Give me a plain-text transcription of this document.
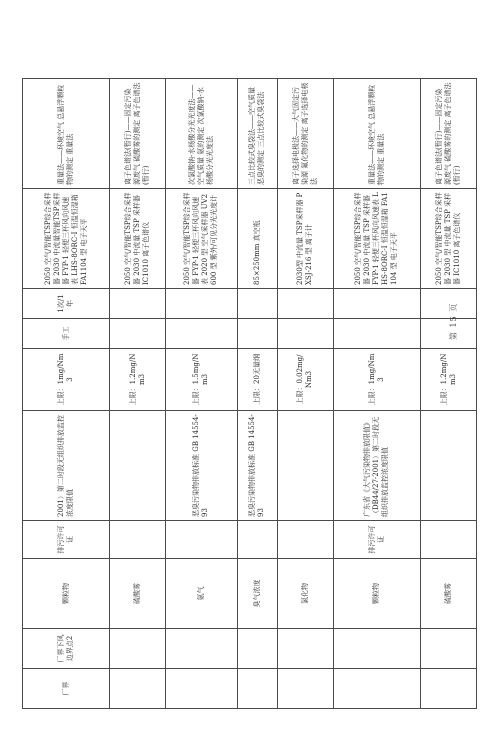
厂界	厂界下风边界点2	颗粒物	排污许可证	2001）第二时段无组织排放监控浓度限值	上限：1mg/Nm3	手工	1次/1年	2050 空气/智能TSP综合采样器 2030 中流量智能TSP采样器 FYP-1 轻便三杯风向风速表 LHS-8ORC-I 恒温恒湿箱 FA1104 型 电子天平	重量法——环境空气 总悬浮颗粒物的测定 重量法
		硫酸雾			上限：1.2mg/Nm3			2050 空气/智能TSP综合采样器 2030 中流量 TSP 采样器 IC1010 离子色谱仪	离子色谱法(暂行)——固定污染源废气 硫酸雾的测定 离子色谱法(暂行)
		氨气		恶臭污染物排放标准 GB 14554-93	上限：1.5mg/Nm3			2050 空气/智能TSP综合采样器 FYP-1 轻便三杯风向风速表 2020 型 空气采样器 UV2600 型 紫外/可见分光光度计	次氯酸钠-水杨酸分光光度法——空气质量 氨的测定 次氯酸钠-水杨酸分光光度法
		臭气浓度		恶臭污染物排放标准 GB 14554-93	上限：20无量纲			85×250mm 真空瓶	三点比较式臭袋法——空气质量 恶臭的测定 三点比较式臭袋法
		氯化物			上限：0.02mg/Nm3			2030型 中流量 TSP采样器 PXSJ-216 型 离子计	离子选择电极法——大气固定污染源 氟化物的测定 离子选择电极法
		颗粒物	排污许可证	广东省《大气污染物排放限值》（DB44/27-2001）第二时段无组织排放监控浓度限值	上限：1mg/Nm3			2050 空气/智能TSP综合采样器 2030 中流量 TSP 采样器 FYP-1 轻便三杯风向风速表 LHS-8ORC-I 恒温恒湿箱 FA1104 型 电子天平	重量法——环境空气 总悬浮颗粒物的测定 重量法
		硫酸雾			上限：1.2mg/Nm3			2050 空气/智能TSP综合采样器 2030 型 中流量 TSP 采样器 IC1010 离子色谱仪	离子色谱法(暂行)——固定污染源废气 硫酸雾的测定 离子色谱法(暂行)
第 15 页
